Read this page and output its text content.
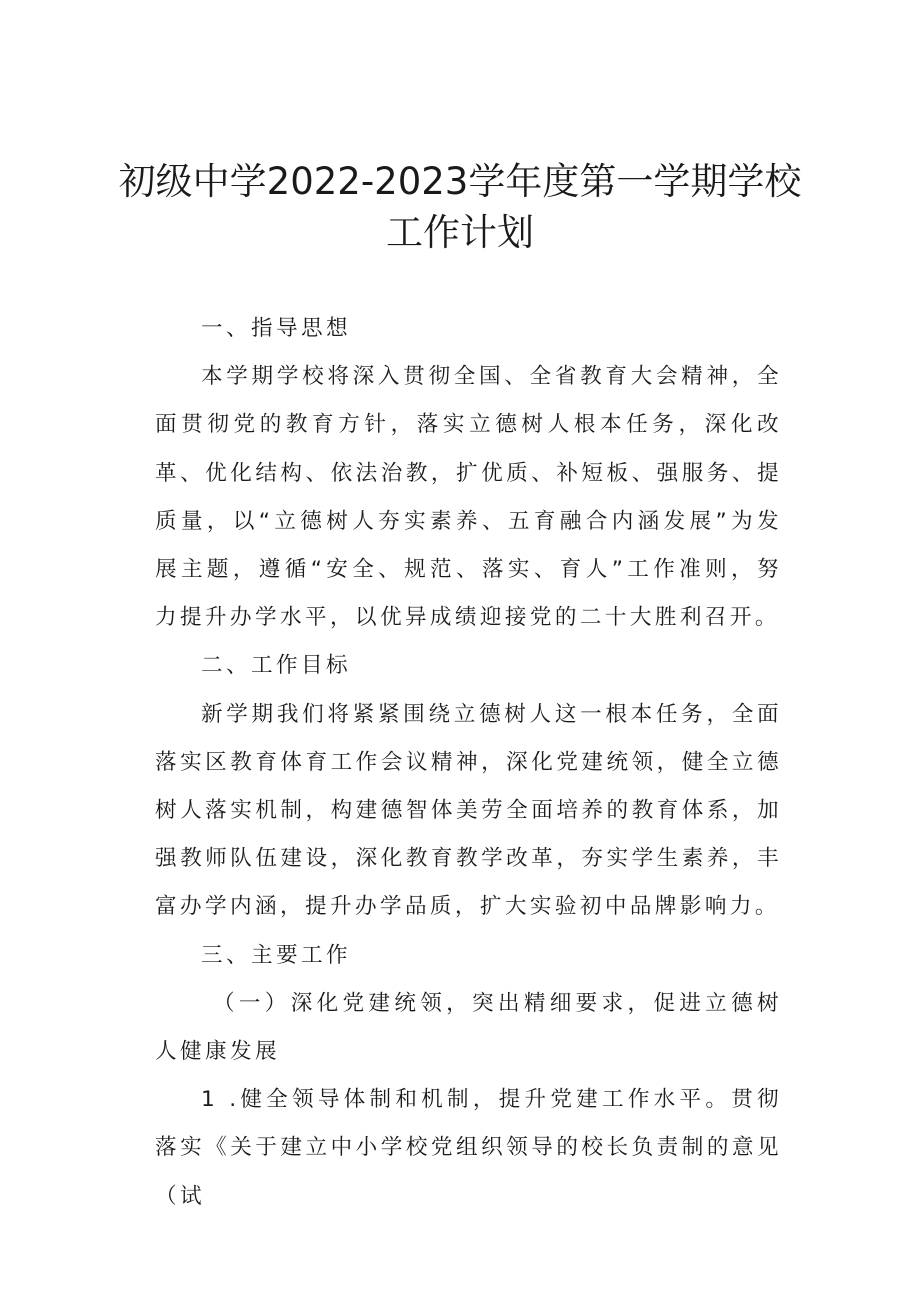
初级中学2022-2023学年度第一学期学校
工作计划

一、指导思想

本学期学校将深入贯彻全国、全省教育大会精神，全面贯彻党的教育方针，落实立德树人根本任务，深化改革、优化结构、依法治教，扩优质、补短板、强服务、提质量，以“立德树人夯实素养、五育融合内涵发展”为发展主题，遵循“安全、规范、落实、育人”工作准则，努力提升办学水平，以优异成绩迎接党的二十大胜利召开。

二、工作目标

新学期我们将紧紧围绕立德树人这一根本任务，全面落实区教育体育工作会议精神，深化党建统领，健全立德树人落实机制，构建德智体美劳全面培养的教育体系，加强教师队伍建设，深化教育教学改革，夯实学生素养，丰富办学内涵，提升办学品质，扩大实验初中品牌影响力。

三、主要工作

（一）深化党建统领，突出精细要求，促进立德树人健康发展

1 .健全领导体制和机制，提升党建工作水平。贯彻落实《关于建立中小学校党组织领导的校长负责制的意见（试
